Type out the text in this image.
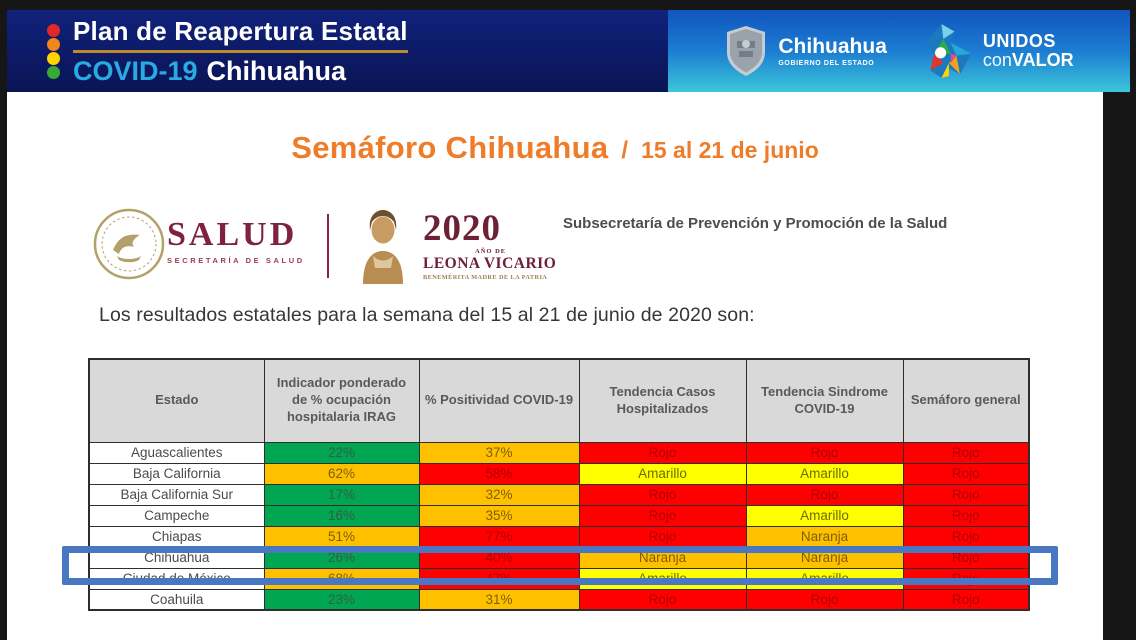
Plan de Reapertura Estatal
COVID-19 Chihuahua
Chihuahua
GOBIERNO DEL ESTADO
UNIDOS
conVALOR
Semáforo Chihuahua / 15 al 21 de junio
SALUD
SECRETARÍA DE SALUD
2020
AÑO DE
LEONA VICARIO
BENEMÉRITA MADRE DE LA PATRIA
Subsecretaría de Prevención y Promoción de la Salud
Los resultados estatales para la semana del 15 al 21 de junio de 2020 son:
Estado	Indicador ponderado de % ocupación hospitalaria IRAG	% Positividad COVID-19	Tendencia Casos Hospitalizados	Tendencia Sindrome COVID-19	Semáforo general
Aguascalientes	22%	37%	Rojo	Rojo	Rojo
Baja California	62%	58%	Amarillo	Amarillo	Rojo
Baja California Sur	17%	32%	Rojo	Rojo	Rojo
Campeche	16%	35%	Rojo	Amarillo	Rojo
Chiapas	51%	77%	Rojo	Naranja	Rojo
Chihuahua	26%	40%	Naranja	Naranja	Rojo
Ciudad de México	68%	47%	Amarillo	Amarillo	Rojo
Coahuila	23%	31%	Rojo	Rojo	Rojo
